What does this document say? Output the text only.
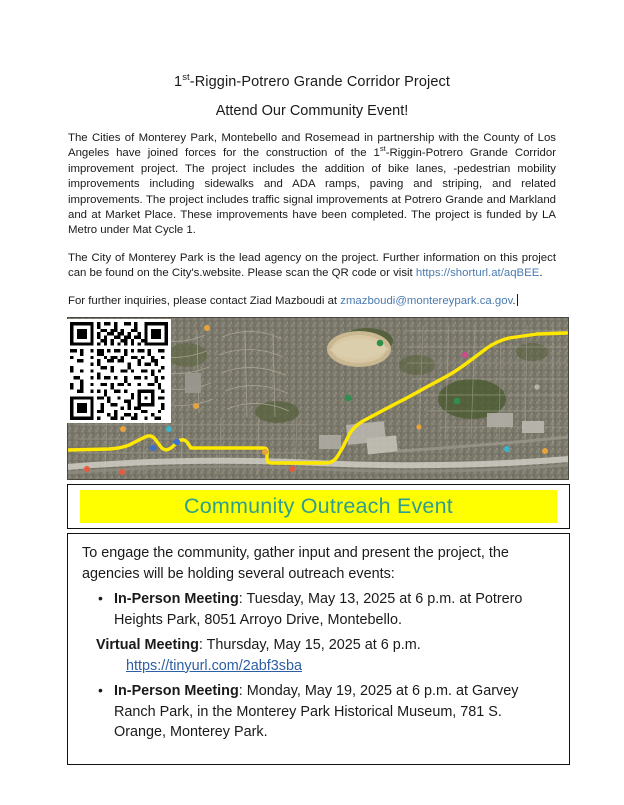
1st-Riggin-Potrero Grande Corridor Project
Attend Our Community Event!

The Cities of Monterey Park, Montebello and Rosemead in partnership with the County of Los Angeles have joined forces for the construction of the 1st-Riggin-Potrero Grande Corridor improvement project. The project includes the addition of bike lanes, -pedestrian mobility improvements including sidewalks and ADA ramps, paving and striping, and related improvements. The project includes traffic signal improvements at Potrero Grande and Markland and at Market Place. These improvements have been completed. The project is funded by LA Metro under Mat Cycle 1.

The City of Monterey Park is the lead agency on the project. Further information on this project can be found on the City's.website. Please scan the QR code or visit https://shorturl.at/aqBEE.

For further inquiries, please contact Ziad Mazboudi at zmazboudi@montereypark.ca.gov.

Community Outreach Event

To engage the community, gather input and present the project, the agencies will be holding several outreach events:

• In-Person Meeting: Tuesday, May 13, 2025 at 6 p.m. at Potrero Heights Park, 8051 Arroyo Drive, Montebello.
Virtual Meeting: Thursday, May 15, 2025 at 6 p.m.
https://tinyurl.com/2abf3sba
• In-Person Meeting: Monday, May 19, 2025 at 6 p.m. at Garvey Ranch Park, in the Monterey Park Historical Museum, 781 S. Orange, Monterey Park.
